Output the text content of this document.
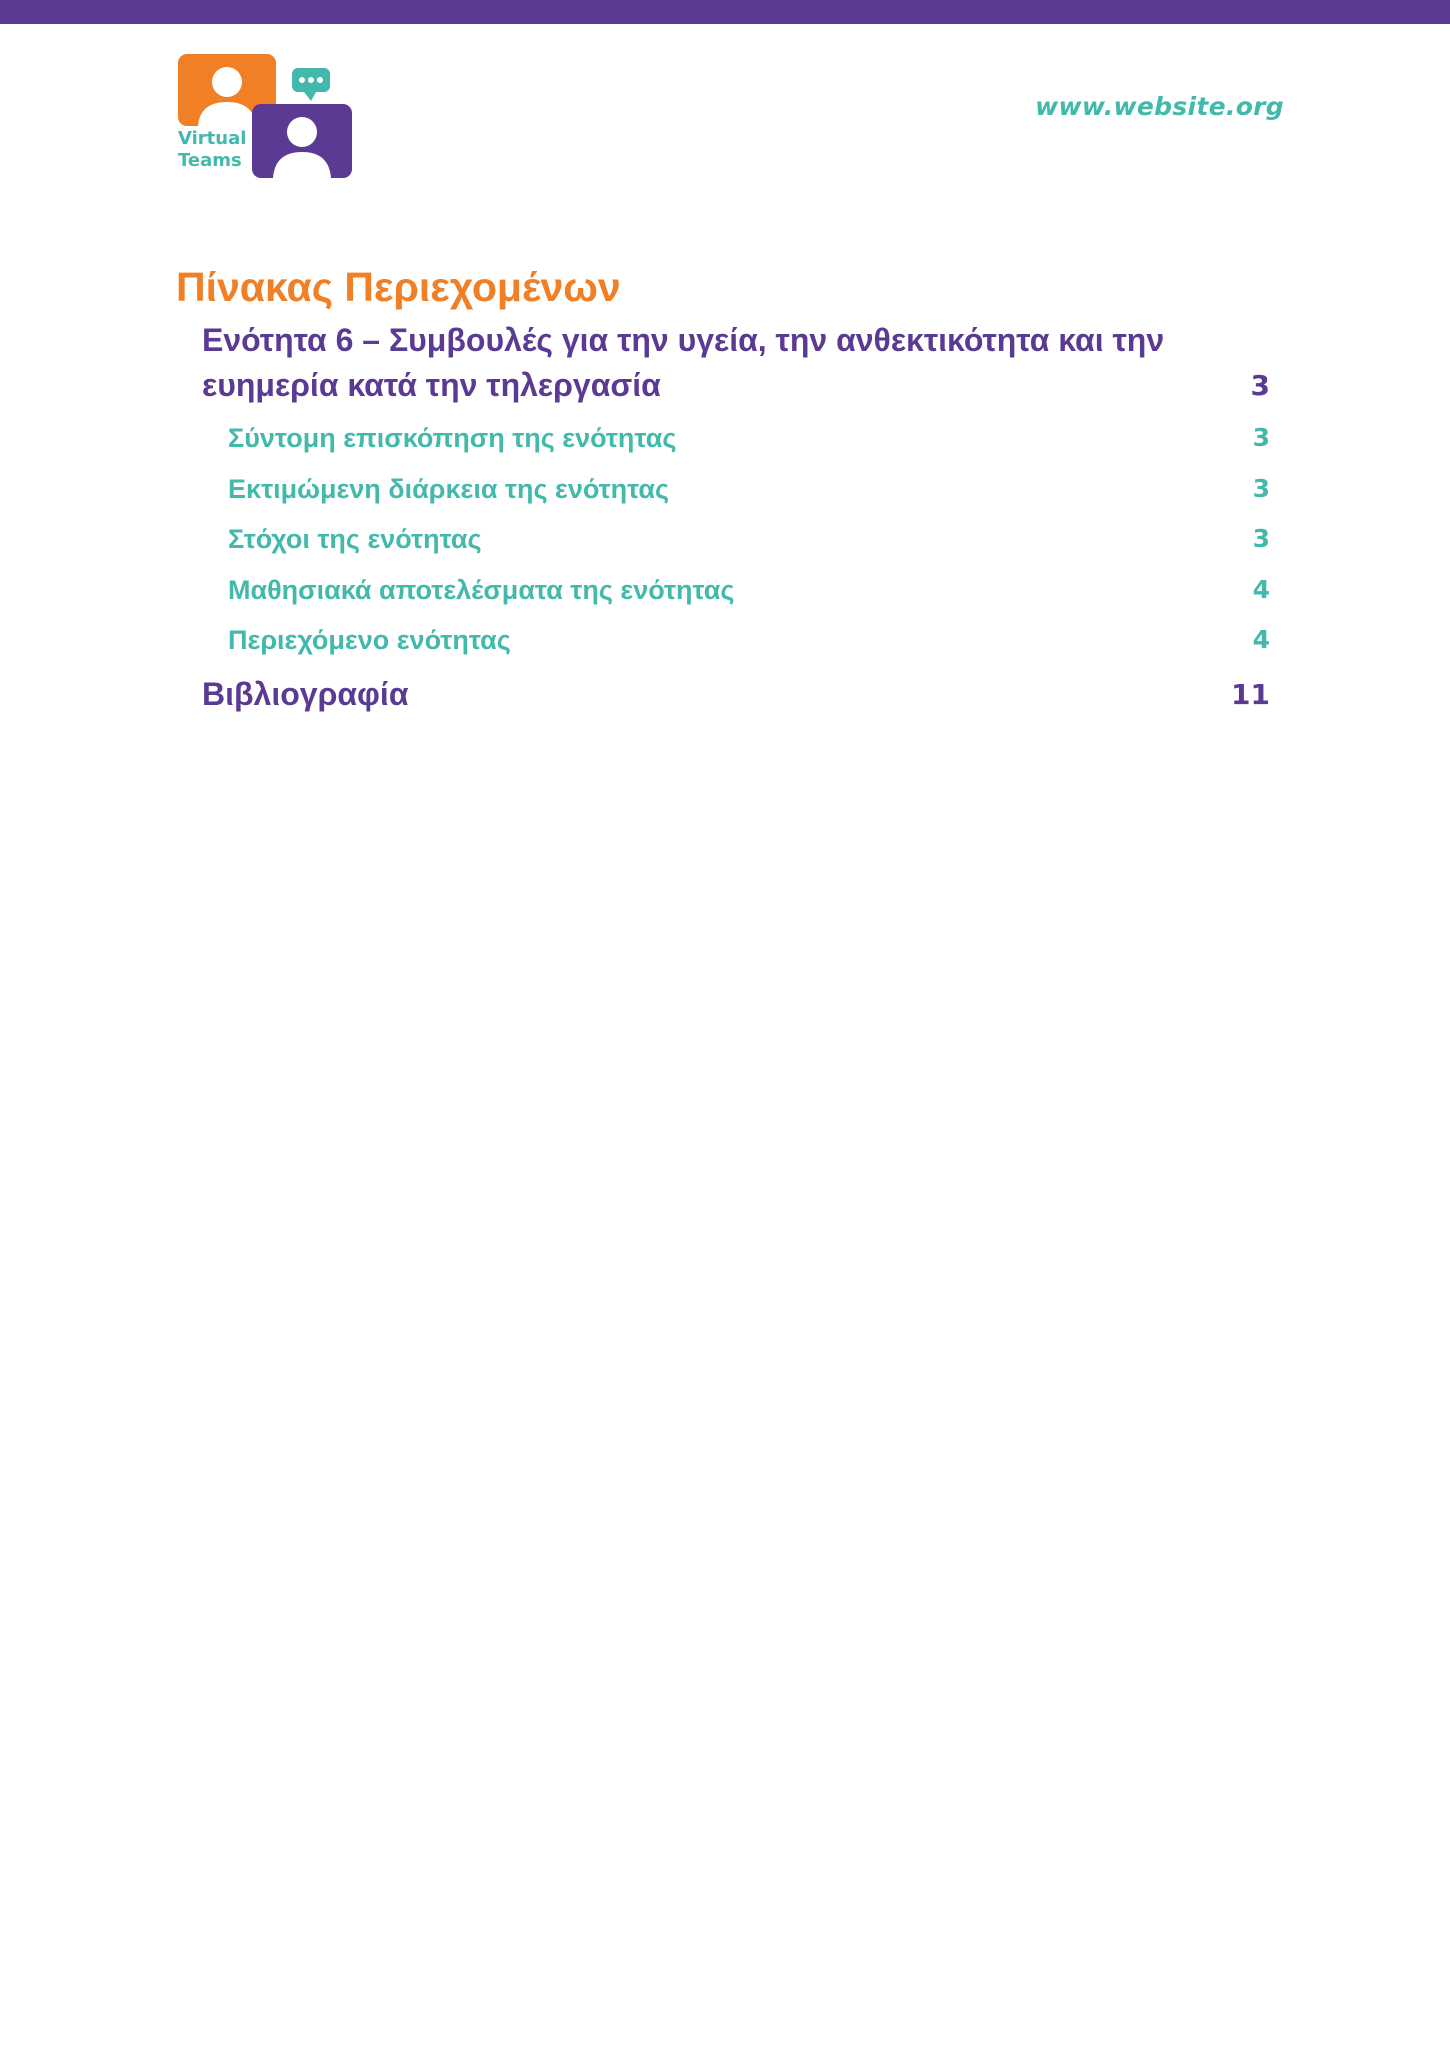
Virtual
Teams
www.website.org
Πίνακας Περιεχομένων
Ενότητα 6 – Συμβουλές για την υγεία, την ανθεκτικότητα και την
ευημερία κατά την τηλεργασία	3
Σύντομη επισκόπηση της ενότητας	3
Εκτιμώμενη διάρκεια της ενότητας	3
Στόχοι της ενότητας	3
Μαθησιακά αποτελέσματα της ενότητας	4
Περιεχόμενο ενότητας	4
Βιβλιογραφία	11
